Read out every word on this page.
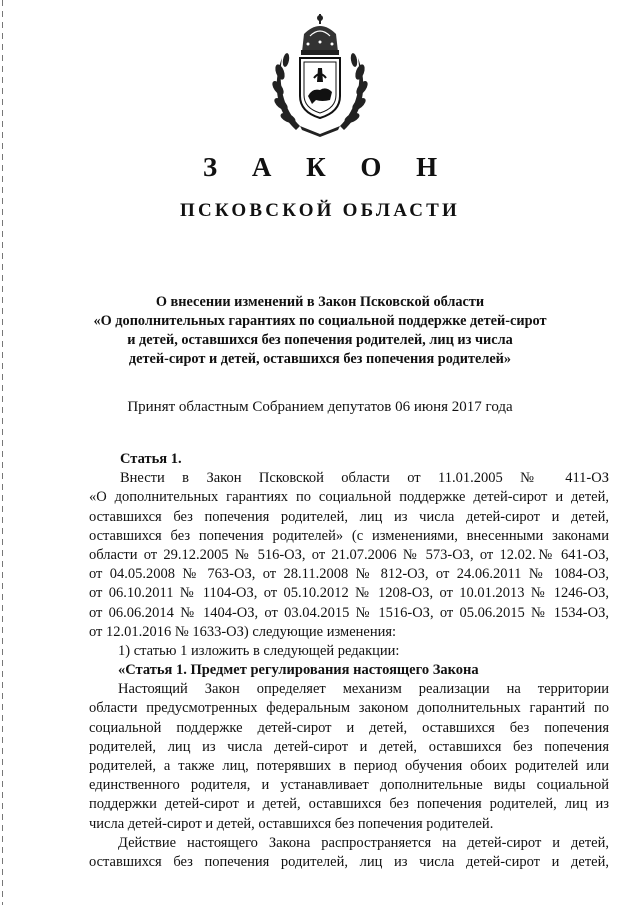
З А К О Н
ПСКОВСКОЙ ОБЛАСТИ
О внесении изменений в Закон Псковской области
«О дополнительных гарантиях по социальной поддержке детей-сирот
и детей, оставшихся без попечения родителей, лиц из числа
детей-сирот и детей, оставшихся без попечения родителей»
Принят областным Собранием депутатов 06 июня 2017 года
Статья 1.
Внести в Закон Псковской области от 11.01.2005 № 411-ОЗ
«О дополнительных гарантиях по социальной поддержке детей-сирот и детей,
оставшихся без попечения родителей, лиц из числа детей-сирот и детей,
оставшихся без попечения родителей» (с изменениями, внесенными законами
области от 29.12.2005 № 516-ОЗ, от 21.07.2006 № 573-ОЗ, от 12.02.№ 641-ОЗ,
от 04.05.2008 № 763-ОЗ, от 28.11.2008 № 812-ОЗ, от 24.06.2011 № 1084-ОЗ,
от 06.10.2011 № 1104-ОЗ, от 05.10.2012 № 1208-ОЗ, от 10.01.2013 № 1246-ОЗ,
от 06.06.2014 № 1404-ОЗ, от 03.04.2015 № 1516-ОЗ, от 05.06.2015 № 1534-ОЗ,
от 12.01.2016 № 1633-ОЗ) следующие изменения:
1) статью 1 изложить в следующей редакции:
«Статья 1. Предмет регулирования настоящего Закона
Настоящий Закон определяет механизм реализации на территории
области предусмотренных федеральным законом дополнительных гарантий по
социальной поддержке детей-сирот и детей, оставшихся без попечения
родителей, лиц из числа детей-сирот и детей, оставшихся без попечения
родителей, а также лиц, потерявших в период обучения обоих родителей или
единственного родителя, и устанавливает дополнительные виды социальной
поддержки детей-сирот и детей, оставшихся без попечения родителей, лиц из
числа детей-сирот и детей, оставшихся без попечения родителей.
Действие настоящего Закона распространяется на детей-сирот и детей,
оставшихся без попечения родителей, лиц из числа детей-сирот и детей,
